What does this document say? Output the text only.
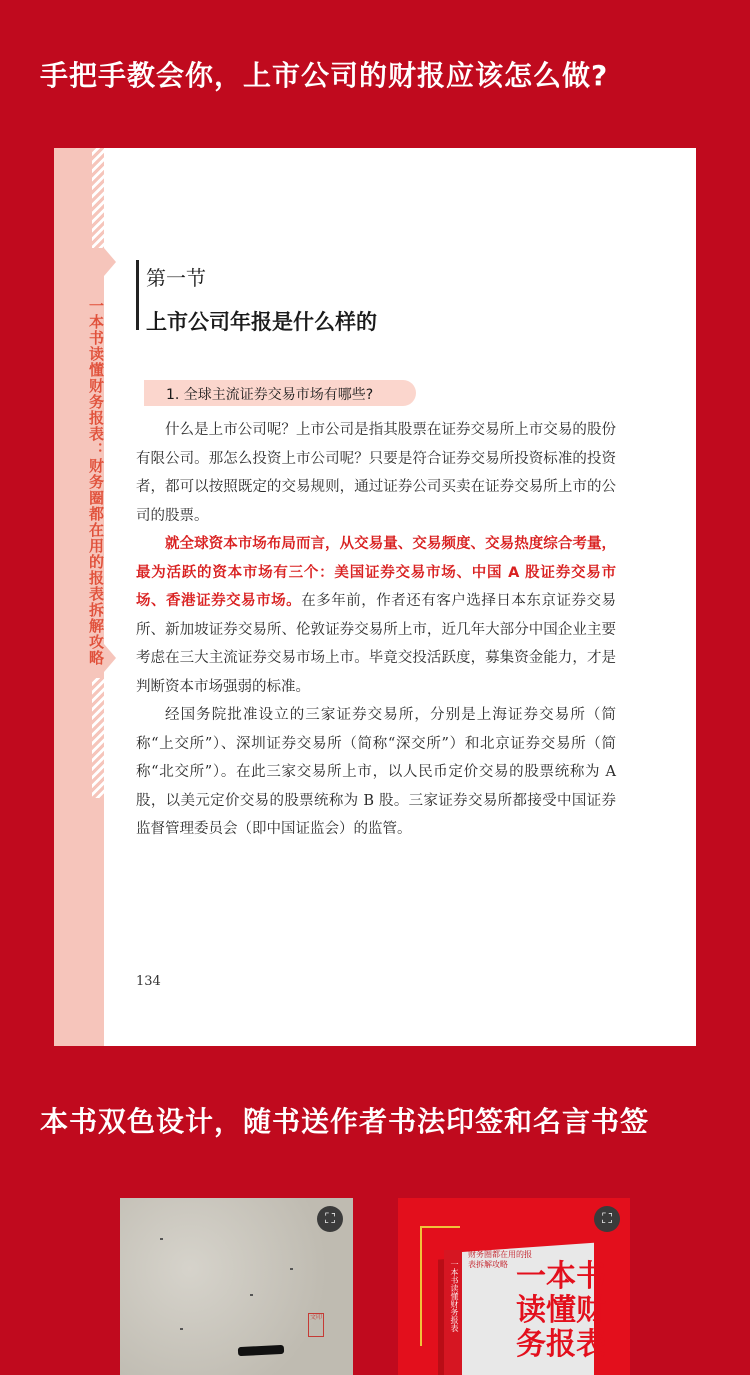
手把手教会你，上市公司的财报应该怎么做?
一本书读懂财务报表：财务圈都在用的报表拆解攻略
第一节
上市公司年报是什么样的
1. 全球主流证券交易市场有哪些?

什么是上市公司呢？上市公司是指其股票在证券交易所上市交易的股份有限公司。那怎么投资上市公司呢？只要是符合证券交易所投资标准的投资者，都可以按照既定的交易规则，通过证券公司买卖在证券交易所上市的公司的股票。

就全球资本市场布局而言，从交易量、交易频度、交易热度综合考量，最为活跃的资本市场有三个：美国证券交易市场、中国 A 股证券交易市场、香港证券交易市场。在多年前，作者还有客户选择日本东京证券交易所、新加坡证券交易所、伦敦证券交易所上市，近几年大部分中国企业主要考虑在三大主流证券交易市场上市。毕竟交投活跃度，募集资金能力，才是判断资本市场强弱的标准。

经国务院批准设立的三家证券交易所，分别是上海证券交易所（简称“上交所”）、深圳证券交易所（简称“深交所”）和北京证券交易所（简称“北交所”）。在此三家交易所上市，以人民币定价交易的股票统称为 A 股，以美元定价交易的股票统称为 B 股。三家证券交易所都接受中国证券监督管理委员会（即中国证监会）的监管。

134
本书双色设计，随书送作者书法印签和名言书签
⛶
文印
⛶
一本书读懂财务报表
财务圈都在用的报表拆解攻略 一本书读懂财务报表
